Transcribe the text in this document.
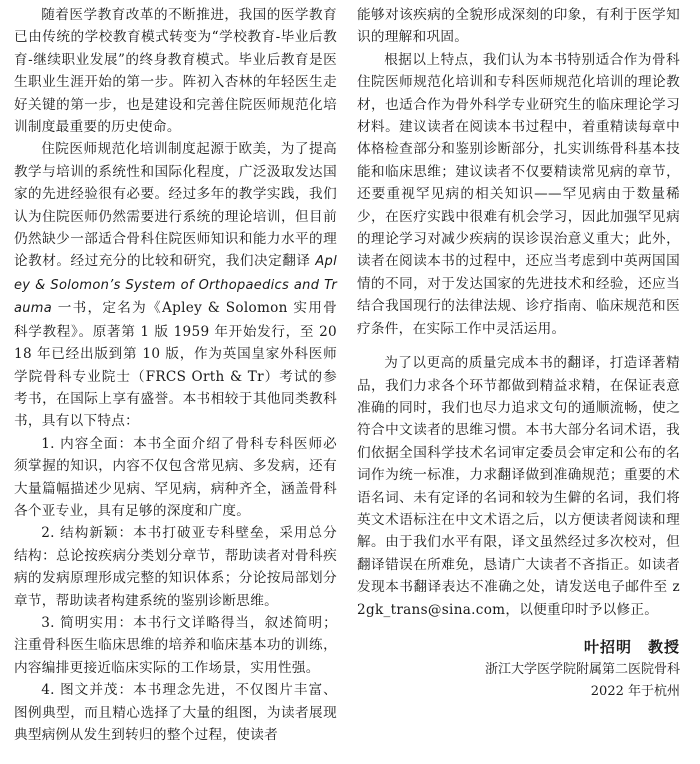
随着医学教育改革的不断推进，我国的医学教育已由传统的学校教育模式转变为“学校教育-毕业后教育-继续职业发展”的终身教育模式。毕业后教育是医生职业生涯开始的第一步。阵初入杏林的年轻医生走好关键的第一步，也是建设和完善住院医师规范化培训制度最重要的历史使命。

住院医师规范化培训制度起源于欧美，为了提高教学与培训的系统性和国际化程度，广泛汲取发达国家的先进经验很有必要。经过多年的教学实践，我们认为住院医师仍然需要进行系统的理论培训，但目前仍然缺少一部适合骨科住院医师知识和能力水平的理论教材。经过充分的比较和研究，我们决定翻译 Apley & Solomon’s System of Orthopaedics and Trauma 一书，定名为《Apley & Solomon 实用骨科学教程》。原著第 1 版 1959 年开始发行，至 2018 年已经出版到第 10 版，作为英国皇家外科医师学院骨科专业院士（FRCS Orth & Tr）考试的参考书，在国际上享有盛誉。本书相较于其他同类教科书，具有以下特点：

1. 内容全面：本书全面介绍了骨科专科医师必须掌握的知识，内容不仅包含常见病、多发病，还有大量篇幅描述少见病、罕见病，病种齐全，涵盖骨科各个亚专业，具有足够的深度和广度。

2. 结构新颖：本书打破亚专科壁垒，采用总分结构：总论按疾病分类划分章节，帮助读者对骨科疾病的发病原理形成完整的知识体系；分论按局部划分章节，帮助读者构建系统的鉴别诊断思维。

3. 简明实用：本书行文详略得当，叙述简明；注重骨科医生临床思维的培养和临床基本功的训练，内容编排更接近临床实际的工作场景，实用性强。

4. 图文并茂：本书理念先进，不仅图片丰富、图例典型，而且精心选择了大量的组图，为读者展现典型病例从发生到转归的整个过程，使读者

能够对该疾病的全貌形成深刻的印象，有利于医学知识的理解和巩固。

根据以上特点，我们认为本书特别适合作为骨科住院医师规范化培训和专科医师规范化培训的理论教材，也适合作为骨外科学专业研究生的临床理论学习材料。建议读者在阅读本书过程中，着重精读每章中体格检查部分和鉴别诊断部分，扎实训练骨科基本技能和临床思维；建议读者不仅要精读常见病的章节，还要重视罕见病的相关知识——罕见病由于数量稀少，在医疗实践中很难有机会学习，因此加强罕见病的理论学习对减少疾病的误诊误治意义重大；此外，读者在阅读本书的过程中，还应当考虑到中英两国国情的不同，对于发达国家的先进技术和经验，还应当结合我国现行的法律法规、诊疗指南、临床规范和医疗条件，在实际工作中灵活运用。

为了以更高的质量完成本书的翻译，打造译著精品，我们力求各个环节都做到精益求精，在保证表意准确的同时，我们也尽力追求文句的通顺流畅，使之符合中文读者的思维习惯。本书大部分名词术语，我们依据全国科学技术名词审定委员会审定和公布的名词作为统一标准，力求翻译做到准确规范；重要的术语名词、未有定译的名词和较为生僻的名词，我们将英文术语标注在中文术语之后，以方便读者阅读和理解。由于我们水平有限，译文虽然经过多次校对，但翻译错误在所难免，恳请广大读者不吝指正。如读者发现本书翻译表达不准确之处，请发送电子邮件至 z2gk_trans@sina.com，以便重印时予以修正。

叶招明　教授
浙江大学医学院附属第二医院骨科
2022 年于杭州
